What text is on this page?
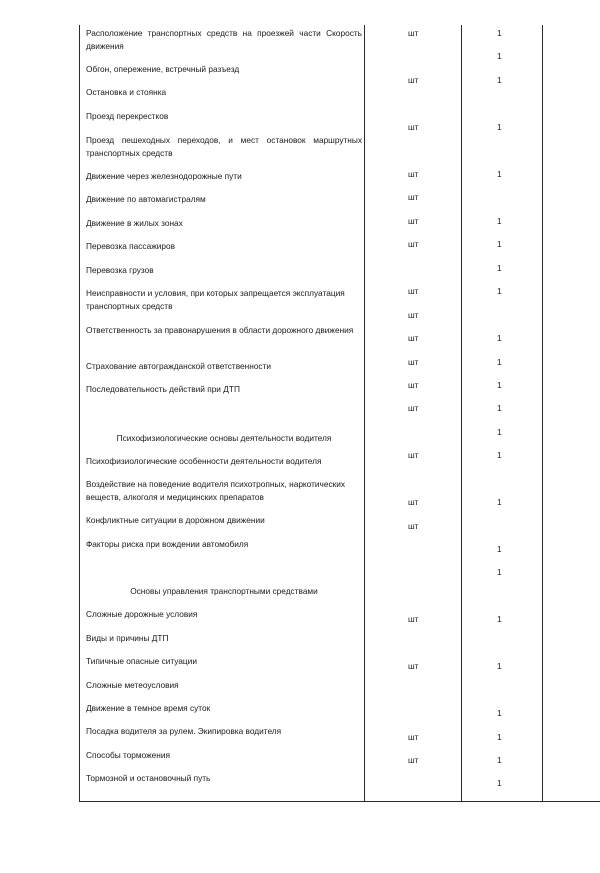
Расположение транспортных средств на проезжей части Скорость движения
Обгон, опережение, встречный разъезд
Остановка и стоянка
Проезд перекрестков
Проезд пешеходных переходов, и мест остановок маршрутных транспортных средств
Движение через железнодорожные пути
Движение по автомагистралям
Движение в жилых зонах
Перевозка пассажиров
Перевозка грузов
Неисправности и условия, при которых запрещается эксплуатация транспортных средств
Ответственность за правонарушения в области дорожного движения
Страхование автогражданской ответственности
Последовательность действий при ДТП
Психофизиологические основы деятельности водителя
Психофизиологические особенности деятельности водителя
Воздействие на поведение водителя психотропных, наркотических веществ, алкоголя и медицинских препаратов
Конфликтные ситуации в дорожном движении
Факторы риска при вождении автомобиля
Основы управления транспортными средствами
Сложные дорожные условия
Виды и причины ДТП
Типичные опасные ситуации
Сложные метеоусловия
Движение в темное время суток
Посадка водителя за рулем. Экипировка водителя
Способы торможения
Тормозной и остановочный путь
шт
шт
шт
шт
шт
шт
шт
шт
шт
шт
шт
шт
шт
шт
шт
шт
шт
шт
шт
шт
1
1
1
1
1
1
1
1
1
1
1
1
1
1
1
1
1
1
1
1
1
1
1
1
